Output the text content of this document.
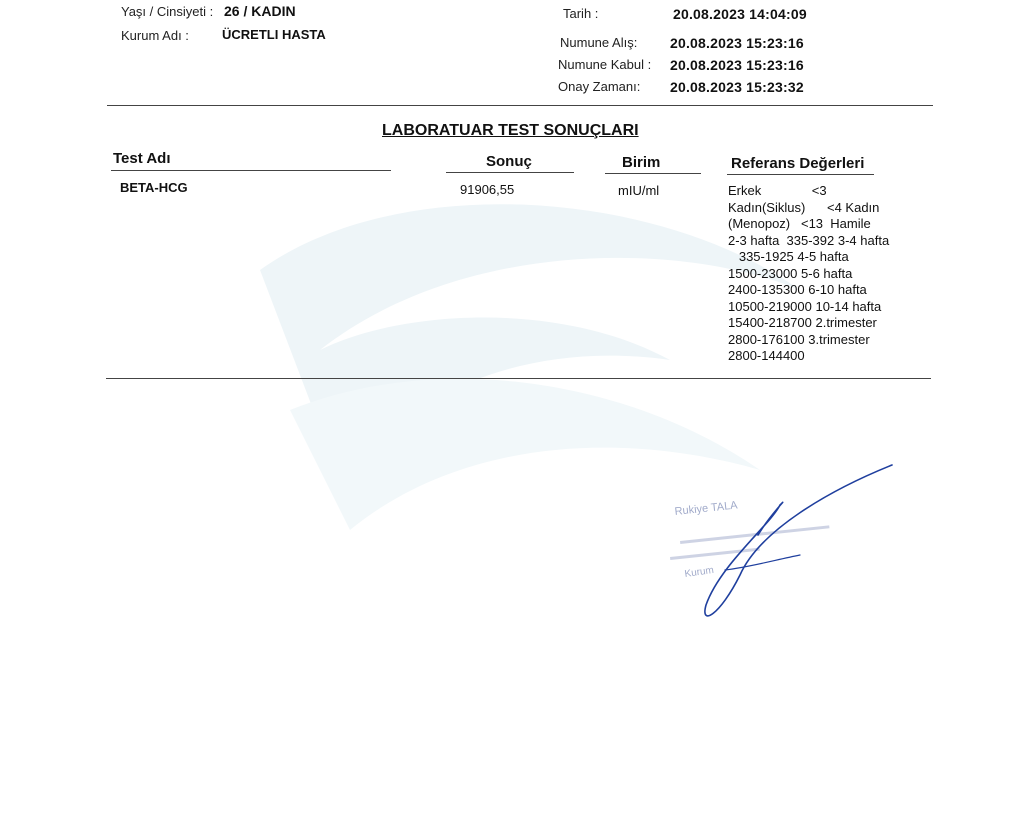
Yaşı / Cinsiyeti : 26 / KADIN
Kurum Adı :	ÜCRETLI HASTA
Tarih :	20.08.2023 14:04:09
Numune Alış: 20.08.2023 15:23:16
Numune Kabul : 20.08.2023 15:23:16
Onay Zamanı: 20.08.2023 15:23:32
LABORATUAR TEST SONUÇLARI
Test Adı	Sonuç	Birim	Referans Değerleri
BETA-HCG	91906,55	mIU/ml	Erkek              <3
Kadın(Siklus)      <4 Kadın
(Menopoz)   <13  Hamile
2-3 hafta  335-392 3-4 hafta
335-1925 4-5 hafta
1500-23000 5-6 hafta
2400-135300 6-10 hafta
10500-219000 10-14 hafta
15400-218700 2.trimester
2800-176100 3.trimester
2800-144400
Rukiye TALA
Kurum
